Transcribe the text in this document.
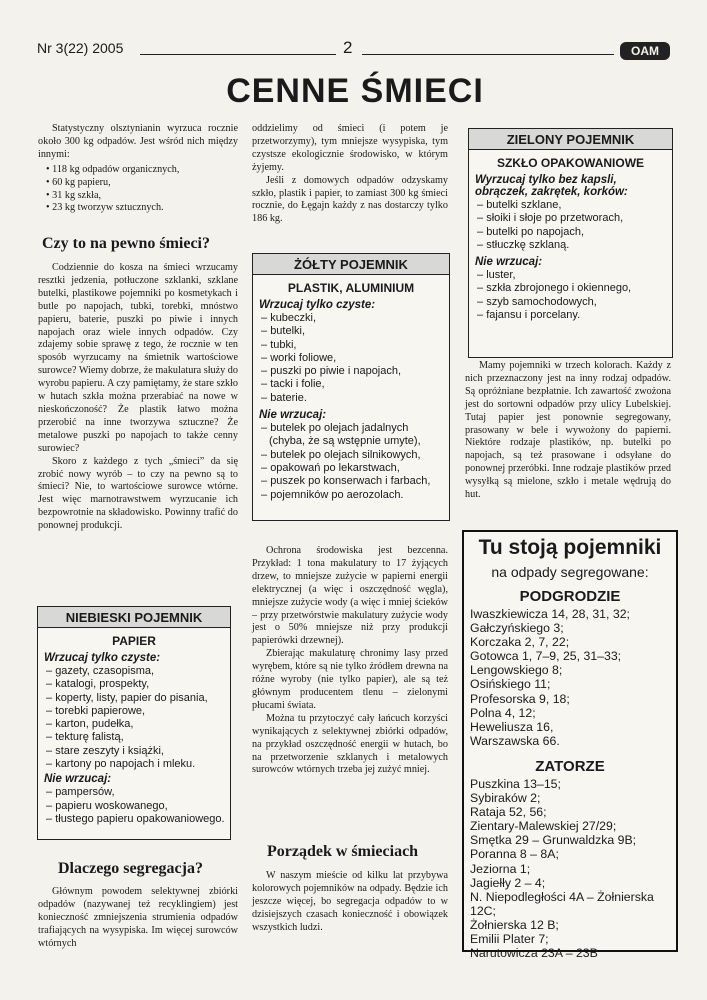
Nr 3(22) 2005	2	OAM
CENNE ŚMIECI

Statystyczny olsztynianin wyrzuca rocznie około 300 kg odpadów. Jest wśród nich między innymi:

• 118 kg odpadów organicznych,
• 60 kg papieru,
• 31 kg szkła,
• 23 kg tworzyw sztucznych.
Czy to na pewno śmieci?

Codziennie do kosza na śmieci wrzucamy resztki jedzenia, potłuczone szklanki, szklane butelki, plastikowe pojemniki po kosmetykach i butle po napojach, tubki, torebki, mnóstwo papieru, baterie, puszki po piwie i innych napojach oraz wiele innych odpadów. Czy zdajemy sobie sprawę z tego, że rocznie w ten sposób wyrzucamy na śmietnik wartościowe surowce? Wiemy dobrze, że makulatura służy do wyrobu papieru. A czy pamiętamy, że stare szkło w hutach szkła można przerabiać na nowe w nieskończoność? Że plastik łatwo można przerobić na inne tworzywa sztuczne? Że metalowe puszki po napojach to także cenny surowiec?

Skoro z każdego z tych „śmieci” da się zrobić nowy wyrób – to czy na pewno są to śmieci? Nie, to wartościowe surowce wtórne. Jest więc marnotrawstwem wyrzucanie ich bezpowrotnie na składowisko. Powinny trafić do ponownej produkcji.

NIEBIESKI POJEMNIK
PAPIER
Wrzucaj tylko czyste:
– gazety, czasopisma,
– katalogi, prospekty,
– koperty, listy, papier do pisania,
– torebki papierowe,
– karton, pudełka,
– tekturę falistą,
– stare zeszyty i książki,
– kartony po napojach i mleku.
Nie wrzucaj:
– pampersów,
– papieru woskowanego,
– tłustego papieru opakowaniowego.
Dlaczego segregacja?

Głównym powodem selektywnej zbiórki odpadów (nazywanej też recyklingiem) jest konieczność zmniejszenia strumienia odpadów trafiających na wysypiska. Im więcej surowców wtórnych

oddzielimy od śmieci (i potem je przetworzymy), tym mniejsze wysypiska, tym czystsze ekologicznie środowisko, w którym żyjemy.

Jeśli z domowych odpadów odzyskamy szkło, plastik i papier, to zamiast 300 kg śmieci rocznie, do Łęgajn każdy z nas dostarczy tylko 186 kg.

ŻÓŁTY POJEMNIK
PLASTIK, ALUMINIUM
Wrzucaj tylko czyste:
– kubeczki,
– butelki,
– tubki,
– worki foliowe,
– puszki po piwie i napojach,
– tacki i folie,
– baterie.
Nie wrzucaj:
– butelek po olejach jadalnych (chyba, że są wstępnie umyte),
– butelek po olejach silnikowych,
– opakowań po lekarstwach,
– puszek po konserwach i farbach,
– pojemników po aerozolach.

Ochrona środowiska jest bezcenna. Przykład: 1 tona makulatury to 17 żyjących drzew, to mniejsze zużycie w papierni energii elektrycznej (a więc i oszczędność węgla), mniejsze zużycie wody (a więc i mniej ścieków – przy przetwórstwie makulatury zużycie wody jest o 50% mniejsze niż przy produkcji papierówki drzewnej).

Zbierając makulaturę chronimy lasy przed wyrębem, które są nie tylko źródłem drewna na różne wyroby (nie tylko papier), ale są też głównym producentem tlenu – zielonymi płucami świata.

Można tu przytoczyć cały łańcuch korzyści wynikających z selektywnej zbiórki odpadów, na przykład oszczędność energii w hutach, bo na przetworzenie szklanych i metalowych surowców wtórnych trzeba jej zużyć mniej.

Porządek w śmieciach

W naszym mieście od kilku lat przybywa kolorowych pojemników na odpady. Będzie ich jeszcze więcej, bo segregacja odpadów to w dzisiejszych czasach konieczność i obowiązek wszystkich ludzi.

ZIELONY POJEMNIK
SZKŁO OPAKOWANIOWE
Wyrzucaj tylko bez kapsli, obrączek, zakrętek, korków:
– butelki szklane,
– słoiki i słoje po przetworach,
– butelki po napojach,
– stłuczkę szklaną.
Nie wrzucaj:
– luster,
– szkła zbrojonego i okiennego,
– szyb samochodowych,
– fajansu i porcelany.

Mamy pojemniki w trzech kolorach. Każdy z nich przeznaczony jest na inny rodzaj odpadów. Są opróżniane bezpłatnie. Ich zawartość zwożona jest do sortowni odpadów przy ulicy Lubelskiej. Tutaj papier jest ponownie segregowany, prasowany w bele i wywożony do papierni. Niektóre rodzaje plastików, np. butelki po napojach, są też prasowane i odsyłane do ponownej przeróbki. Inne rodzaje plastików przed wysyłką są mielone, szkło i metale wędrują do hut.

Tu stoją pojemniki
na odpady segregowane:
PODGRODZIE
Iwaszkiewicza 14, 28, 31, 32;
Gałczyńskiego 3;
Korczaka 2, 7, 22;
Gotowca 1, 7–9, 25, 31–33;
Lengowskiego 8;
Osińskiego 11;
Profesorska 9, 18;
Polna 4, 12;
Heweliusza 16,
Warszawska 66.
ZATORZE
Puszkina 13–15;
Sybiraków 2;
Rataja 52, 56;
Zientary-Malewskiej 27/29;
Smętka 29 – Grunwaldzka 9B;
Poranna 8 – 8A;
Jeziorna 1;
Jagiełły 2 – 4;
N. Niepodległości 4A – Żołnierska 12C;
Żołnierska 12 B;
Emilii Plater 7;
Narutowicza 23A – 23B
